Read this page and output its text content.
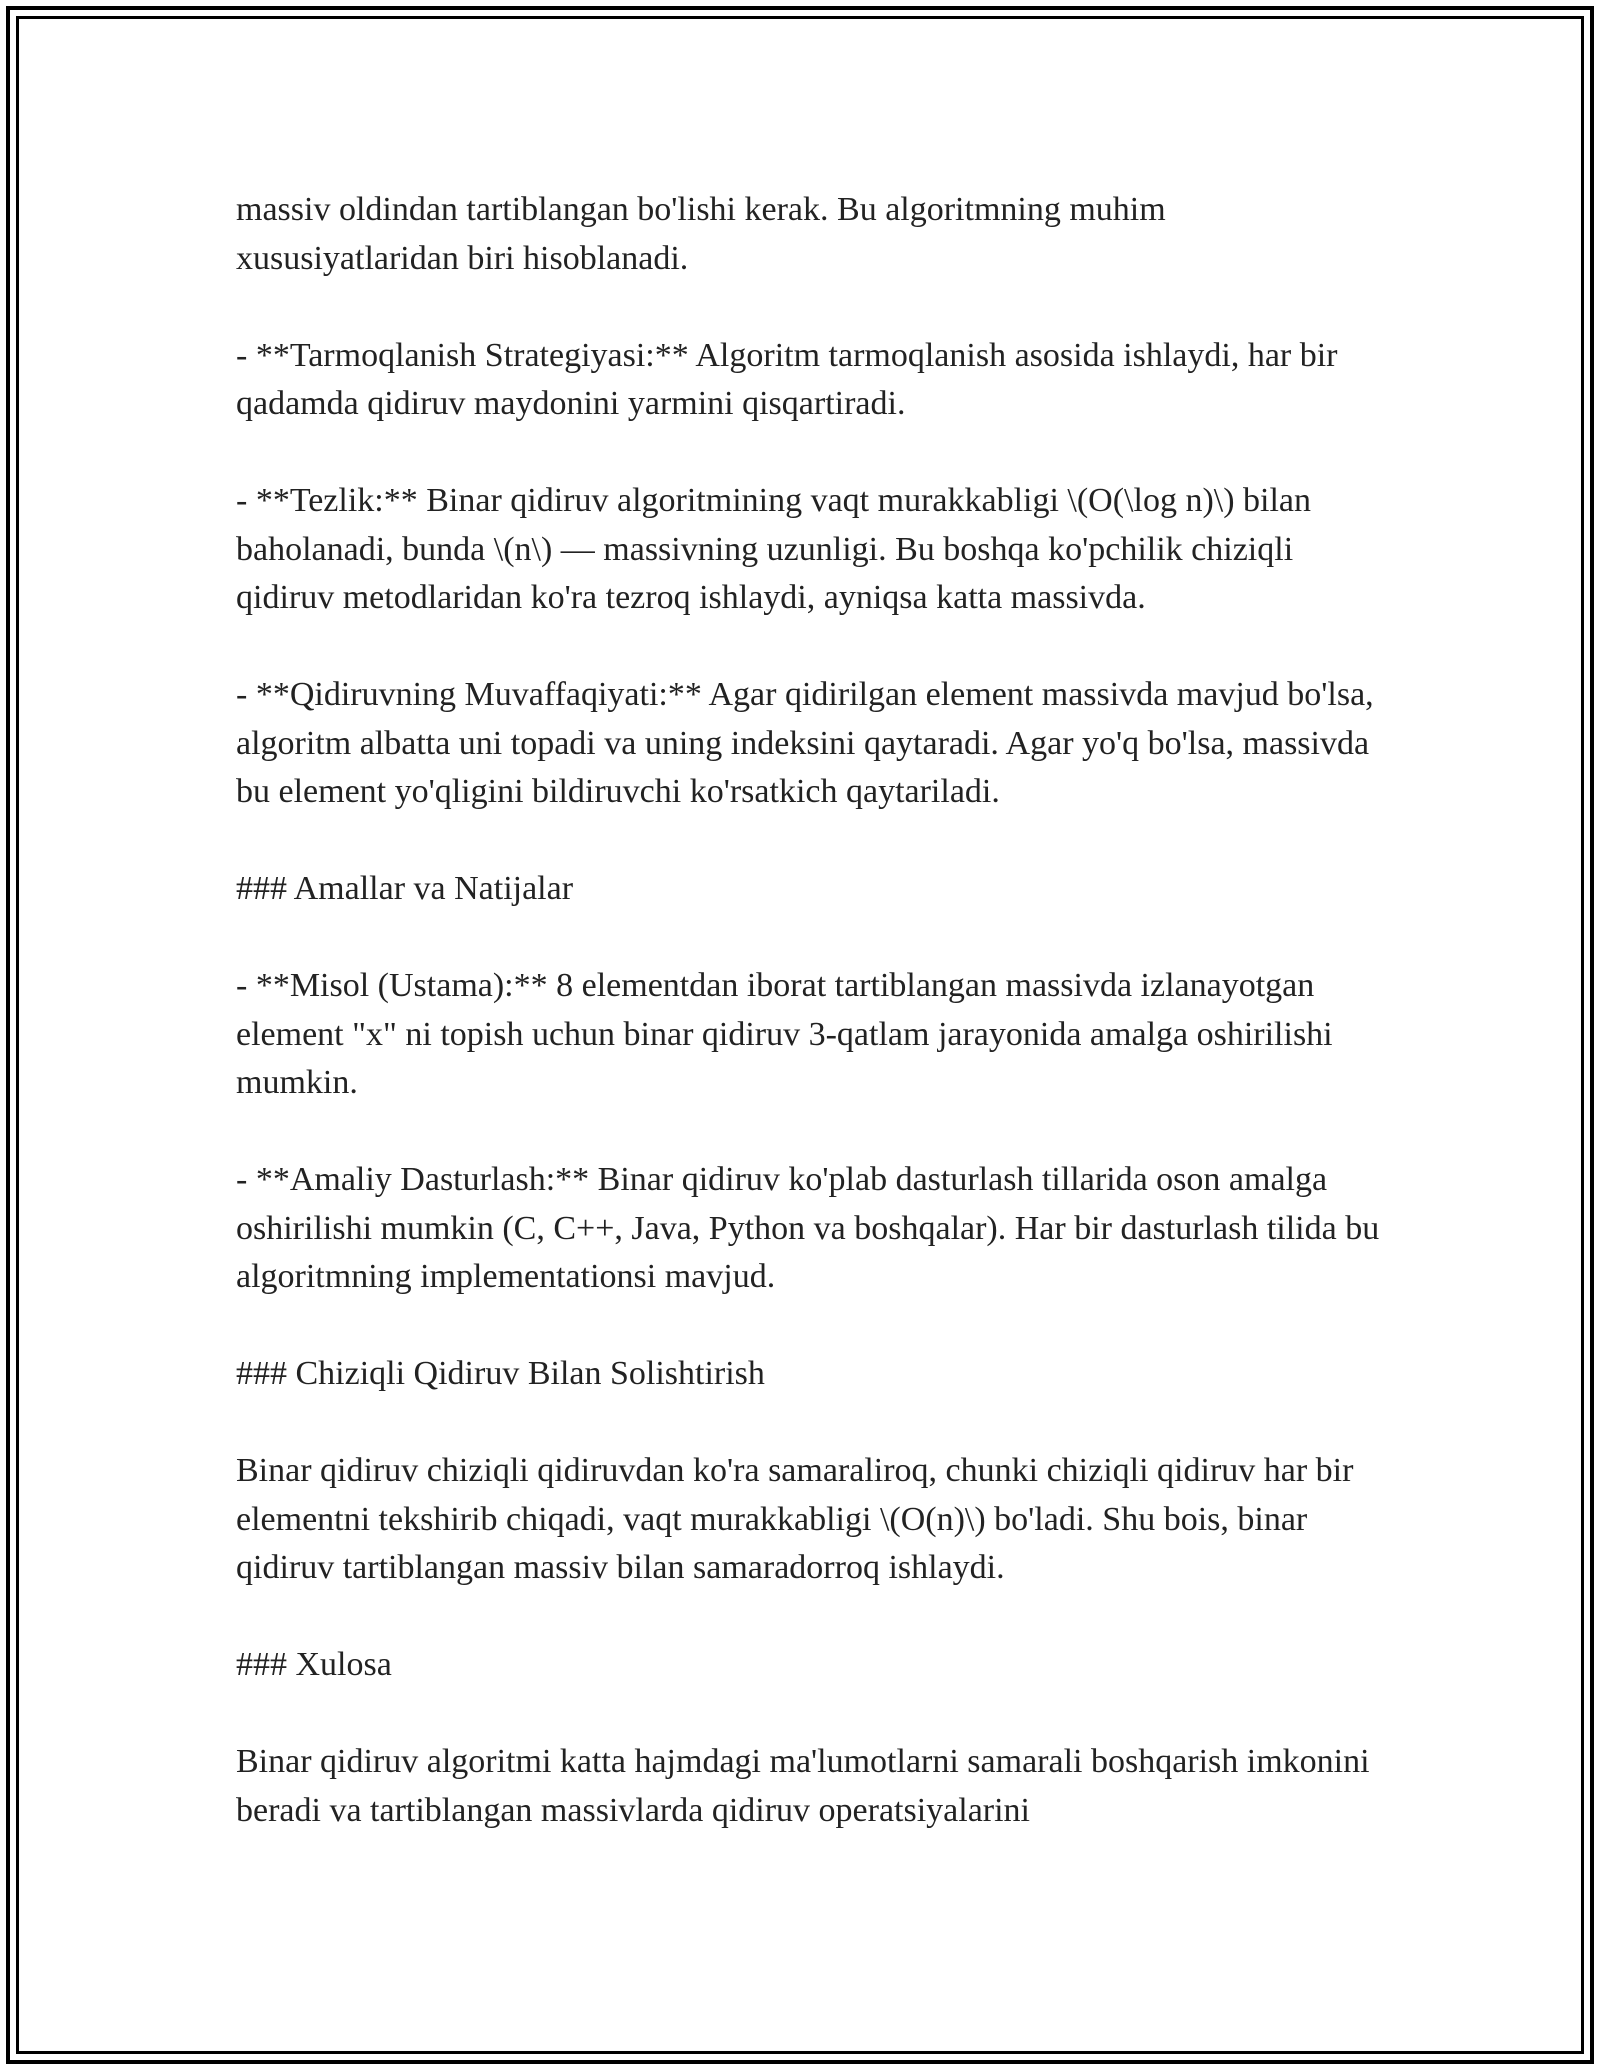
massiv oldindan tartiblangan bo'lishi kerak. Bu algoritmning muhim xususiyatlaridan biri hisoblanadi.

- **Tarmoqlanish Strategiyasi:** Algoritm tarmoqlanish asosida ishlaydi, har bir qadamda qidiruv maydonini yarmini qisqartiradi.

- **Tezlik:** Binar qidiruv algoritmining vaqt murakkabligi \(O(\log n)\) bilan baholanadi, bunda \(n\) — massivning uzunligi. Bu boshqa ko'pchilik chiziqli qidiruv metodlaridan ko'ra tezroq ishlaydi, ayniqsa katta massivda.

- **Qidiruvning Muvaffaqiyati:** Agar qidirilgan element massivda mavjud bo'lsa, algoritm albatta uni topadi va uning indeksini qaytaradi. Agar yo'q bo'lsa, massivda bu element yo'qligini bildiruvchi ko'rsatkich qaytariladi.

### Amallar va Natijalar

- **Misol (Ustama):** 8 elementdan iborat tartiblangan massivda izlanayotgan element "x" ni topish uchun binar qidiruv 3-qatlam jarayonida amalga oshirilishi mumkin.

- **Amaliy Dasturlash:** Binar qidiruv ko'plab dasturlash tillarida oson amalga oshirilishi mumkin (C, C++, Java, Python va boshqalar). Har bir dasturlash tilida bu algoritmning implementationsi mavjud.

### Chiziqli Qidiruv Bilan Solishtirish

Binar qidiruv chiziqli qidiruvdan ko'ra samaraliroq, chunki chiziqli qidiruv har bir elementni tekshirib chiqadi, vaqt murakkabligi \(O(n)\) bo'ladi. Shu bois, binar qidiruv tartiblangan massiv bilan samaradorroq ishlaydi.

### Xulosa

Binar qidiruv algoritmi katta hajmdagi ma'lumotlarni samarali boshqarish imkonini beradi va tartiblangan massivlarda qidiruv operatsiyalarini
